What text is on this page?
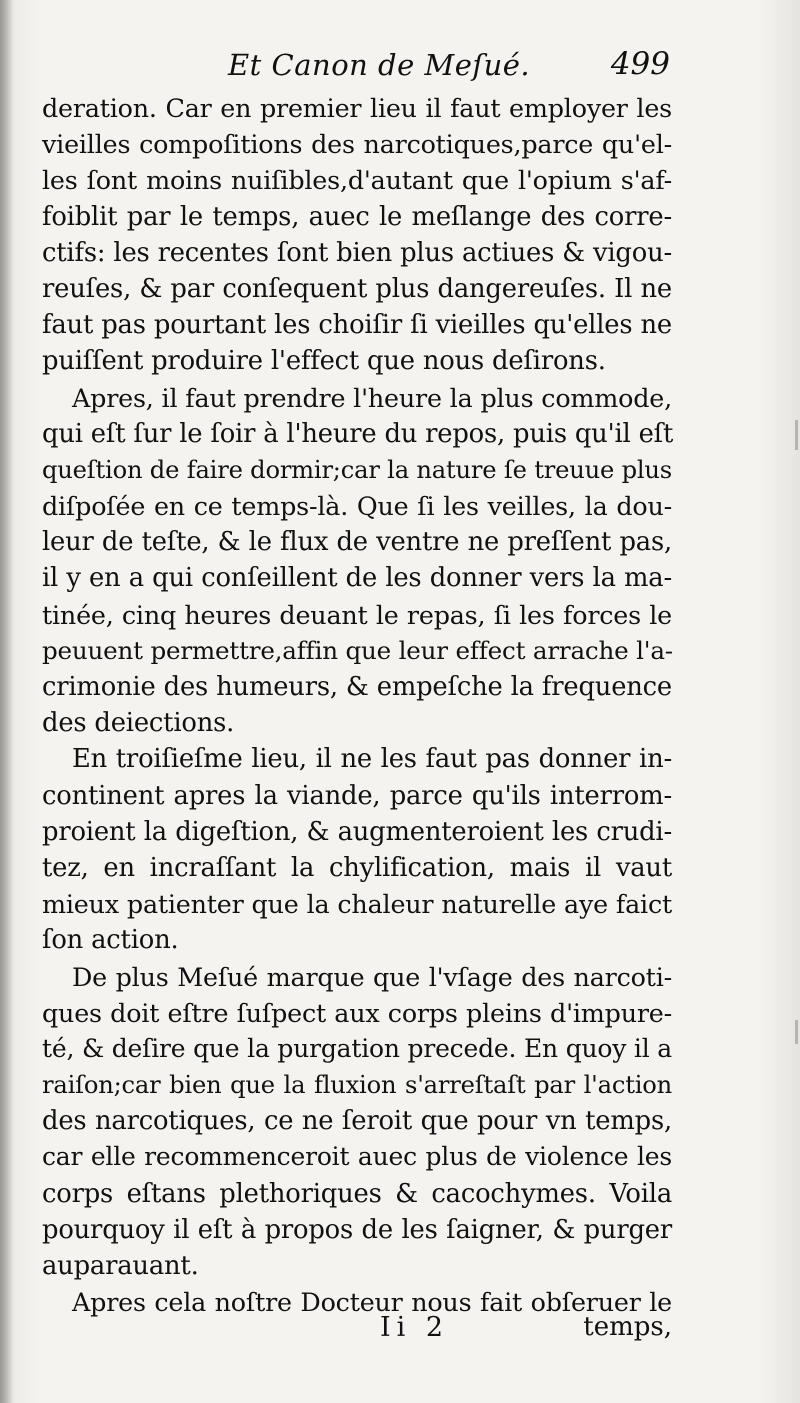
Et Canon de Meſué.	499
deration. Car en premier lieu il faut employer les
vieilles compoſitions des narcotiques,parce qu'el-
les ſont moins nuiſibles,d'autant que l'opium s'af-
foiblit par le temps, auec le meſlange des corre-
ctifs: les recentes ſont bien plus actiues & vigou-
reuſes, & par conſequent plus dangereuſes. Il ne
faut pas pourtant les choiſir ſi vieilles qu'elles ne
puiſſent produire l'effect que nous deſirons.
Apres, il faut prendre l'heure la plus commode,
qui eſt ſur le ſoir à l'heure du repos, puis qu'il eſt
queſtion de faire dormir;car la nature ſe treuue plus
diſpoſée en ce temps-là. Que ſi les veilles, la dou-
leur de teſte, & le flux de ventre ne preſſent pas,
il y en a qui conſeillent de les donner vers la ma-
tinée, cinq heures deuant le repas, ſi les forces le
peuuent permettre,affin que leur effect arrache l'a-
crimonie des humeurs, & empeſche la frequence
des deiections.
En troiſieſme lieu, il ne les faut pas donner in-
continent apres la viande, parce qu'ils interrom-
proient la digeſtion, & augmenteroient les crudi-
tez, en incraſſant la chylification, mais il vaut
mieux patienter que la chaleur naturelle aye faict
ſon action.
De plus Meſué marque que l'vſage des narcoti-
ques doit eſtre ſuſpect aux corps pleins d'impure-
té, & deſire que la purgation precede. En quoy il a
raiſon;car bien que la fluxion s'arreſtaſt par l'action
des narcotiques, ce ne ſeroit que pour vn temps,
car elle recommenceroit auec plus de violence les
corps eſtans plethoriques & cacochymes. Voila
pourquoy il eſt à propos de les ſaigner, & purger
auparauant.
Apres cela noſtre Docteur nous fait obſeruer le
Ii 2	temps,
